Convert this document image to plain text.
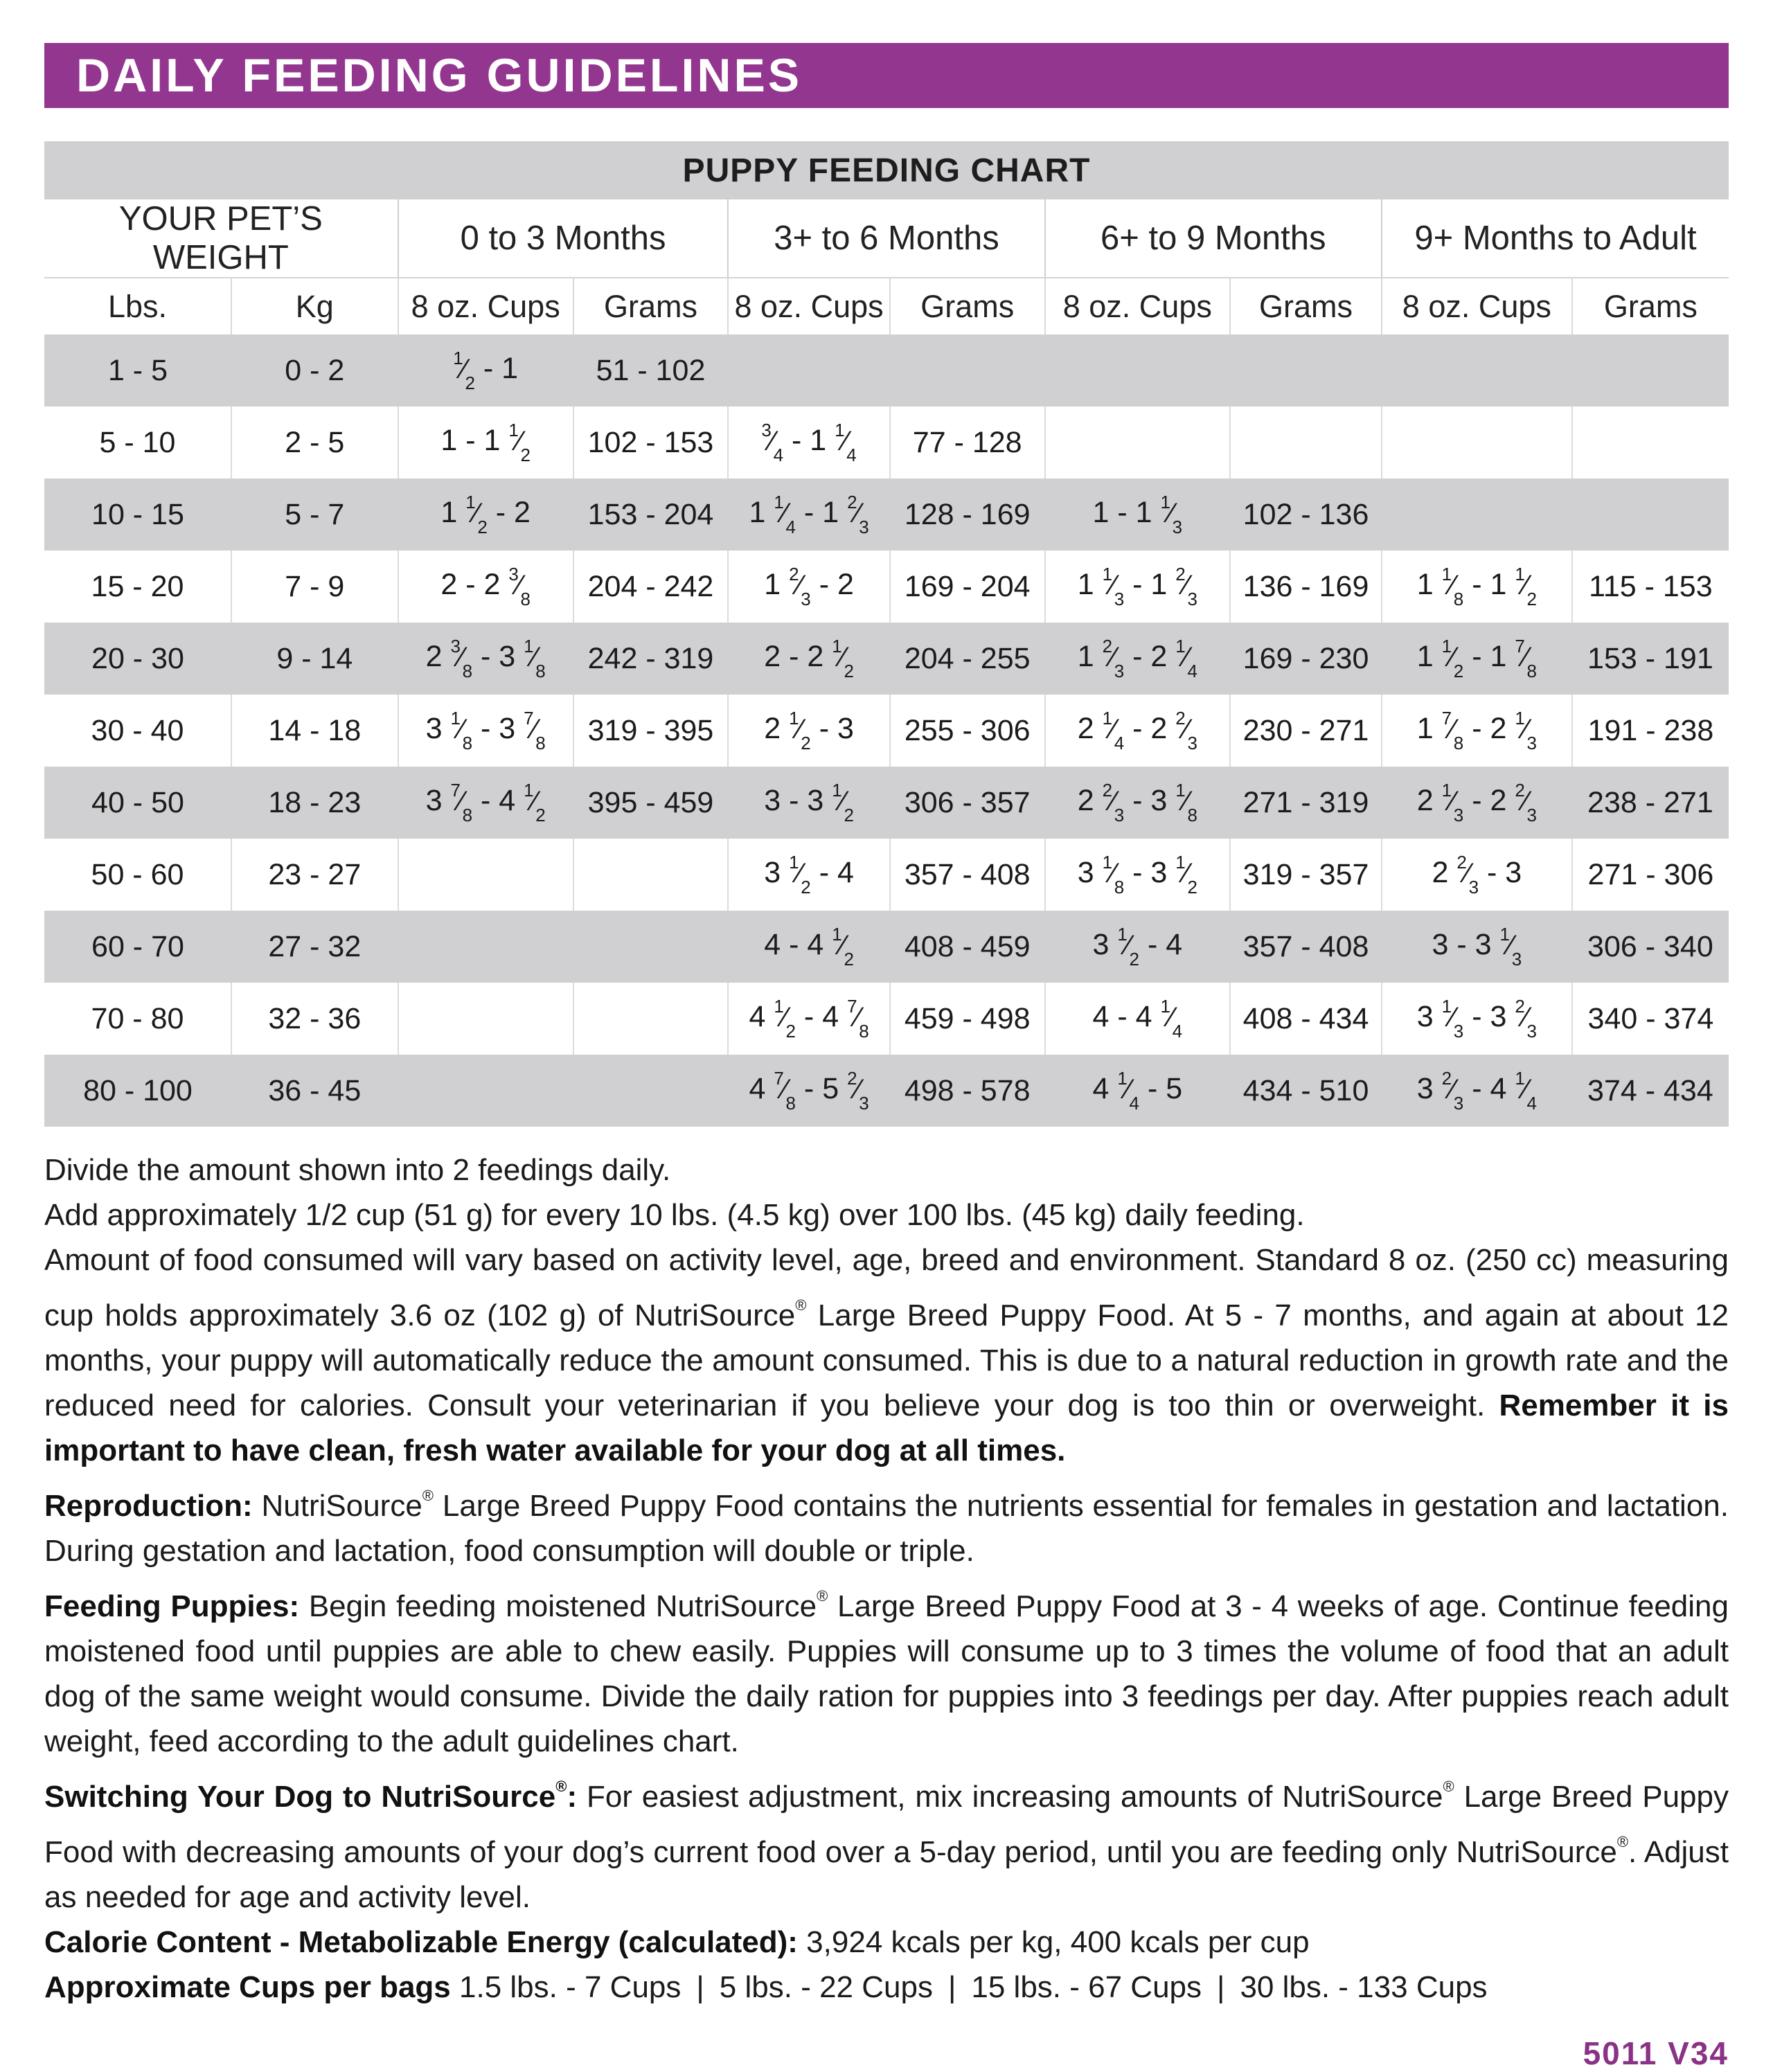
DAILY FEEDING GUIDELINES
PUPPY FEEDING CHART
YOUR PET’S WEIGHT		0 to 3 Months		3+ to 6 Months		6+ to 9 Months		9+ Months to Adult	
Lbs.	Kg	8 oz. Cups	Grams	8 oz. Cups	Grams	8 oz. Cups	Grams	8 oz. Cups	Grams
1 - 5	0 - 2	$^1⁄_2 - 1$	51 - 102						
5 - 10	2 - 5	1 - 1 $^1⁄_2$	102 - 153	$^3⁄_4 - 1$ $^1⁄_4$	77 - 128				
10 - 15	5 - 7	1 $^1⁄_2 - 2$	153 - 204	1 $^1⁄_4 - 1$ $^2⁄_3$	128 - 169	1 - 1 $^1⁄_3$	102 - 136		
15 - 20	7 - 9	2 - 2 $^3⁄_8$	204 - 242	1 $^2⁄_3 - 2$	169 - 204	1 $^1⁄_3 - 1$ $^2⁄_3$	136 - 169	1 $^1⁄_8 - 1$ $^1⁄_2$	115 - 153
20 - 30	9 - 14	2 $^3⁄_8 - 3$ $^1⁄_8$	242 - 319	2 - 2 $^1⁄_2$	204 - 255	1 $^2⁄_3 - 2$ $^1⁄_4$	169 - 230	1 $^1⁄_2 - 1$ $^7⁄_8$	153 - 191
30 - 40	14 - 18	3 $^1⁄_8 - 3$ $^7⁄_8$	319 - 395	2 $^1⁄_2 - 3$	255 - 306	2 $^1⁄_4 - 2$ $^2⁄_3$	230 - 271	1 $^7⁄_8 - 2$ $^1⁄_3$	191 - 238
40 - 50	18 - 23	3 $^7⁄_8 - 4$ $^1⁄_2$	395 - 459	3 - 3 $^1⁄_2$	306 - 357	2 $^2⁄_3 - 3$ $^1⁄_8$	271 - 319	2 $^1⁄_3 - 2$ $^2⁄_3$	238 - 271
50 - 60	23 - 27			3 $^1⁄_2 - 4$	357 - 408	3 $^1⁄_8 - 3$ $^1⁄_2$	319 - 357	2 $^2⁄_3 - 3$	271 - 306
60 - 70	27 - 32			4 - 4 $^1⁄_2$	408 - 459	3 $^1⁄_2 - 4$	357 - 408	3 - 3 $^1⁄_3$	306 - 340
70 - 80	32 - 36			4 $^1⁄_2 - 4$ $^7⁄_8$	459 - 498	4 - 4 $^1⁄_4$	408 - 434	3 $^1⁄_3 - 3$ $^2⁄_3$	340 - 374
80 - 100	36 - 45			4 $^7⁄_8 - 5$ $^2⁄_3$	498 - 578	4 $^1⁄_4 - 5$	434 - 510	3 $^2⁄_3 - 4$ $^1⁄_4$	374 - 434

Divide the amount shown into 2 feedings daily.

Add approximately 1/2 cup (51 g) for every 10 lbs. (4.5 kg) over 100 lbs. (45 kg) daily feeding.

Amount of food consumed will vary based on activity level, age, breed and environment. Standard 8 oz. (250 cc) measuring cup holds approximately 3.6 oz (102 g) of NutriSource® Large Breed Puppy Food. At 5 - 7 months, and again at about 12 months, your puppy will automatically reduce the amount consumed. This is due to a natural reduction in growth rate and the reduced need for calories. Consult your veterinarian if you believe your dog is too thin or overweight. Remember it is important to have clean, fresh water available for your dog at all times.

Reproduction: NutriSource® Large Breed Puppy Food contains the nutrients essential for females in gestation and lactation. During gestation and lactation, food consumption will double or triple.

Feeding Puppies: Begin feeding moistened NutriSource® Large Breed Puppy Food at 3 - 4 weeks of age. Continue feeding moistened food until puppies are able to chew easily. Puppies will consume up to 3 times the volume of food that an adult dog of the same weight would consume. Divide the daily ration for puppies into 3 feedings per day. After puppies reach adult weight, feed according to the adult guidelines chart.

Switching Your Dog to NutriSource®: For easiest adjustment, mix increasing amounts of NutriSource® Large Breed Puppy Food with decreasing amounts of your dog’s current food over a 5-day period, until you are feeding only NutriSource®. Adjust as needed for age and activity level.

Calorie Content - Metabolizable Energy (calculated): 3,924 kcals per kg, 400 kcals per cup

Approximate Cups per bags 1.5 lbs. - 7 Cups | 5 lbs. - 22 Cups | 15 lbs. - 67 Cups | 30 lbs. - 133 Cups

5011 V34
